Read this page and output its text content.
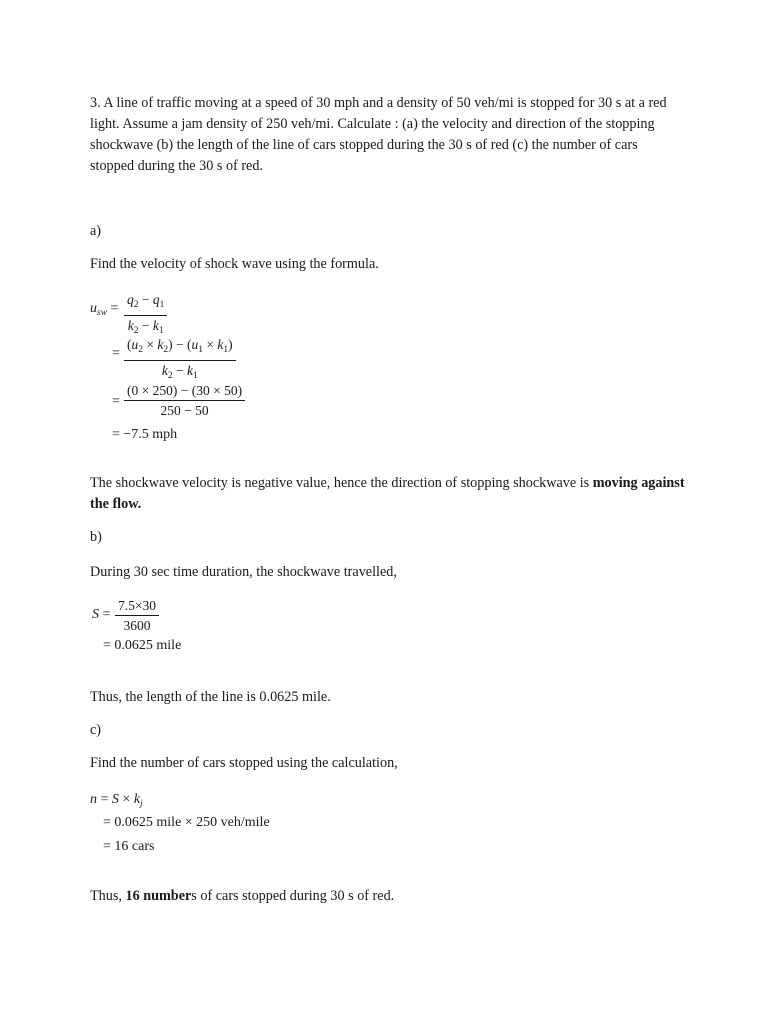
3. A line of traffic moving at a speed of 30 mph and a density of 50 veh/mi is stopped for 30 s at a red light. Assume a jam density of 250 veh/mi. Calculate : (a) the velocity and direction of the stopping shockwave (b) the length of the line of cars stopped during the 30 s of red (c) the number of cars stopped during the 30 s of red.
a)
Find the velocity of shock wave using the formula.
$u_{sw}$ =
$q_2 - q_1$
$k_2 - k_1$
=
$(u_2 \times k_2) - (u_1 \times k_1)$
$k_2 - k_1$
=
(0 × 250) − (30 × 50)
250 − 50
= −7.5 mph
The shockwave velocity is negative value, hence the direction of stopping shockwave is moving against the flow.
b)
During 30 sec time duration, the shockwave travelled,
S =
7.5×30
3600
= 0.0625 mile
Thus, the length of the line is 0.0625 mile.
c)
Find the number of cars stopped using the calculation,
$n = S \times k_j$
= 0.0625 mile × 250 veh/mile
= 16 cars
Thus, 16 numbers of cars stopped during 30 s of red.
